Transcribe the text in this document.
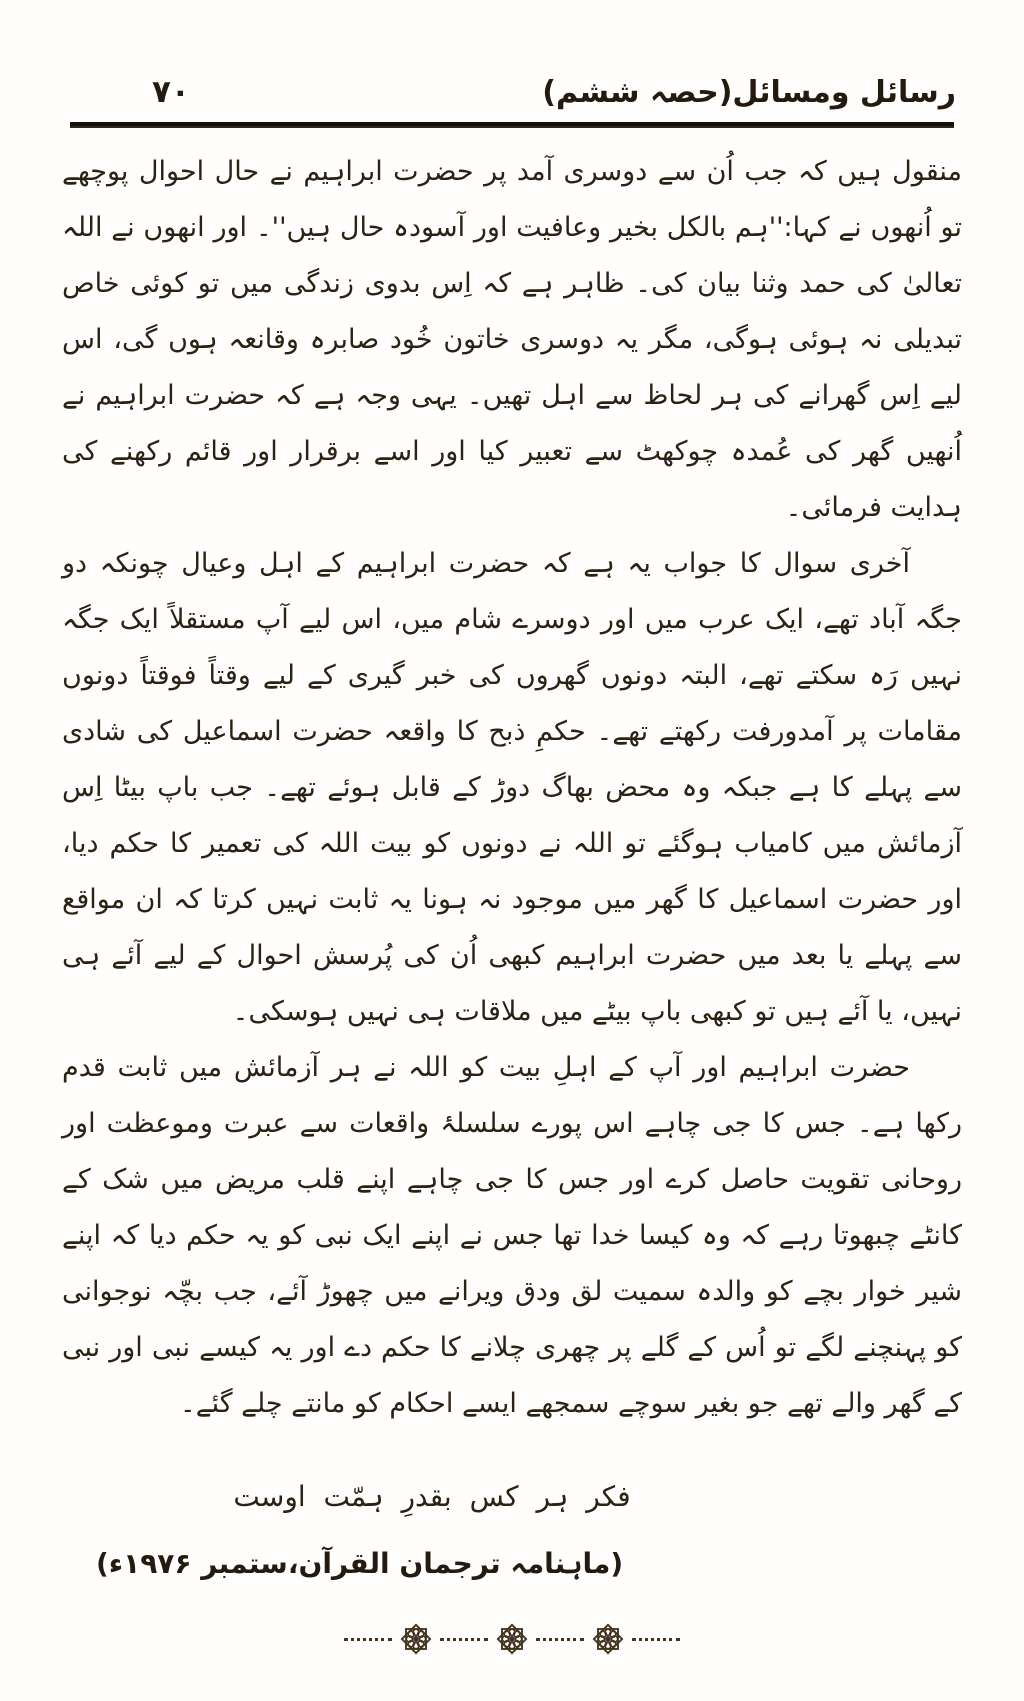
رسائل ومسائل(حصہ ششم)
۷۰

منقول ہیں کہ جب اُن سے دوسری آمد پر حضرت ابراہیم نے حال احوال پوچھے تو اُنھوں نے کہا:''ہم بالکل بخیر وعافیت اور آسودہ حال ہیں''۔ اور انھوں نے اللہ تعالیٰ کی حمد وثنا بیان کی۔ ظاہر ہے کہ اِس بدوی زندگی میں تو کوئی خاص تبدیلی نہ ہوئی ہوگی، مگر یہ دوسری خاتون خُود صابرہ وقانعہ ہوں گی، اس لیے اِس گھرانے کی ہر لحاظ سے اہل تھیں۔ یہی وجہ ہے کہ حضرت ابراہیم نے اُنھیں گھر کی عُمدہ چوکھٹ سے تعبیر کیا اور اسے برقرار اور قائم رکھنے کی ہدایت فرمائی۔

آخری سوال کا جواب یہ ہے کہ حضرت ابراہیم کے اہل وعیال چونکہ دو جگہ آباد تھے، ایک عرب میں اور دوسرے شام میں، اس لیے آپ مستقلاً ایک جگہ نہیں رَہ سکتے تھے، البتہ دونوں گھروں کی خبر گیری کے لیے وقتاً فوقتاً دونوں مقامات پر آمدورفت رکھتے تھے۔ حکمِ ذبح کا واقعہ حضرت اسماعیل کی شادی سے پہلے کا ہے جبکہ وہ محض بھاگ دوڑ کے قابل ہوئے تھے۔ جب باپ بیٹا اِس آزمائش میں کامیاب ہوگئے تو اللہ نے دونوں کو بیت اللہ کی تعمیر کا حکم دیا، اور حضرت اسماعیل کا گھر میں موجود نہ ہونا یہ ثابت نہیں کرتا کہ ان مواقع سے پہلے یا بعد میں حضرت ابراہیم کبھی اُن کی پُرسش احوال کے لیے آئے ہی نہیں، یا آئے ہیں تو کبھی باپ بیٹے میں ملاقات ہی نہیں ہوسکی۔

حضرت ابراہیم اور آپ کے اہلِ بیت کو اللہ نے ہر آزمائش میں ثابت قدم رکھا ہے۔ جس کا جی چاہے اس پورے سلسلۂ واقعات سے عبرت وموعظت اور روحانی تقویت حاصل کرے اور جس کا جی چاہے اپنے قلب مریض میں شک کے کانٹے چبھوتا رہے کہ وہ کیسا خدا تھا جس نے اپنے ایک نبی کو یہ حکم دیا کہ اپنے شیر خوار بچے کو والدہ سمیت لق ودق ویرانے میں چھوڑ آئے، جب بچّہ نوجوانی کو پہنچنے لگے تو اُس کے گلے پر چھری چلانے کا حکم دے اور یہ کیسے نبی اور نبی کے گھر والے تھے جو بغیر سوچے سمجھے ایسے احکام کو مانتے چلے گئے۔

فکر ہر کس بقدرِ ہمّت اوست
(ماہنامہ ترجمان القرآن،ستمبر ۱۹۷۶ء)
